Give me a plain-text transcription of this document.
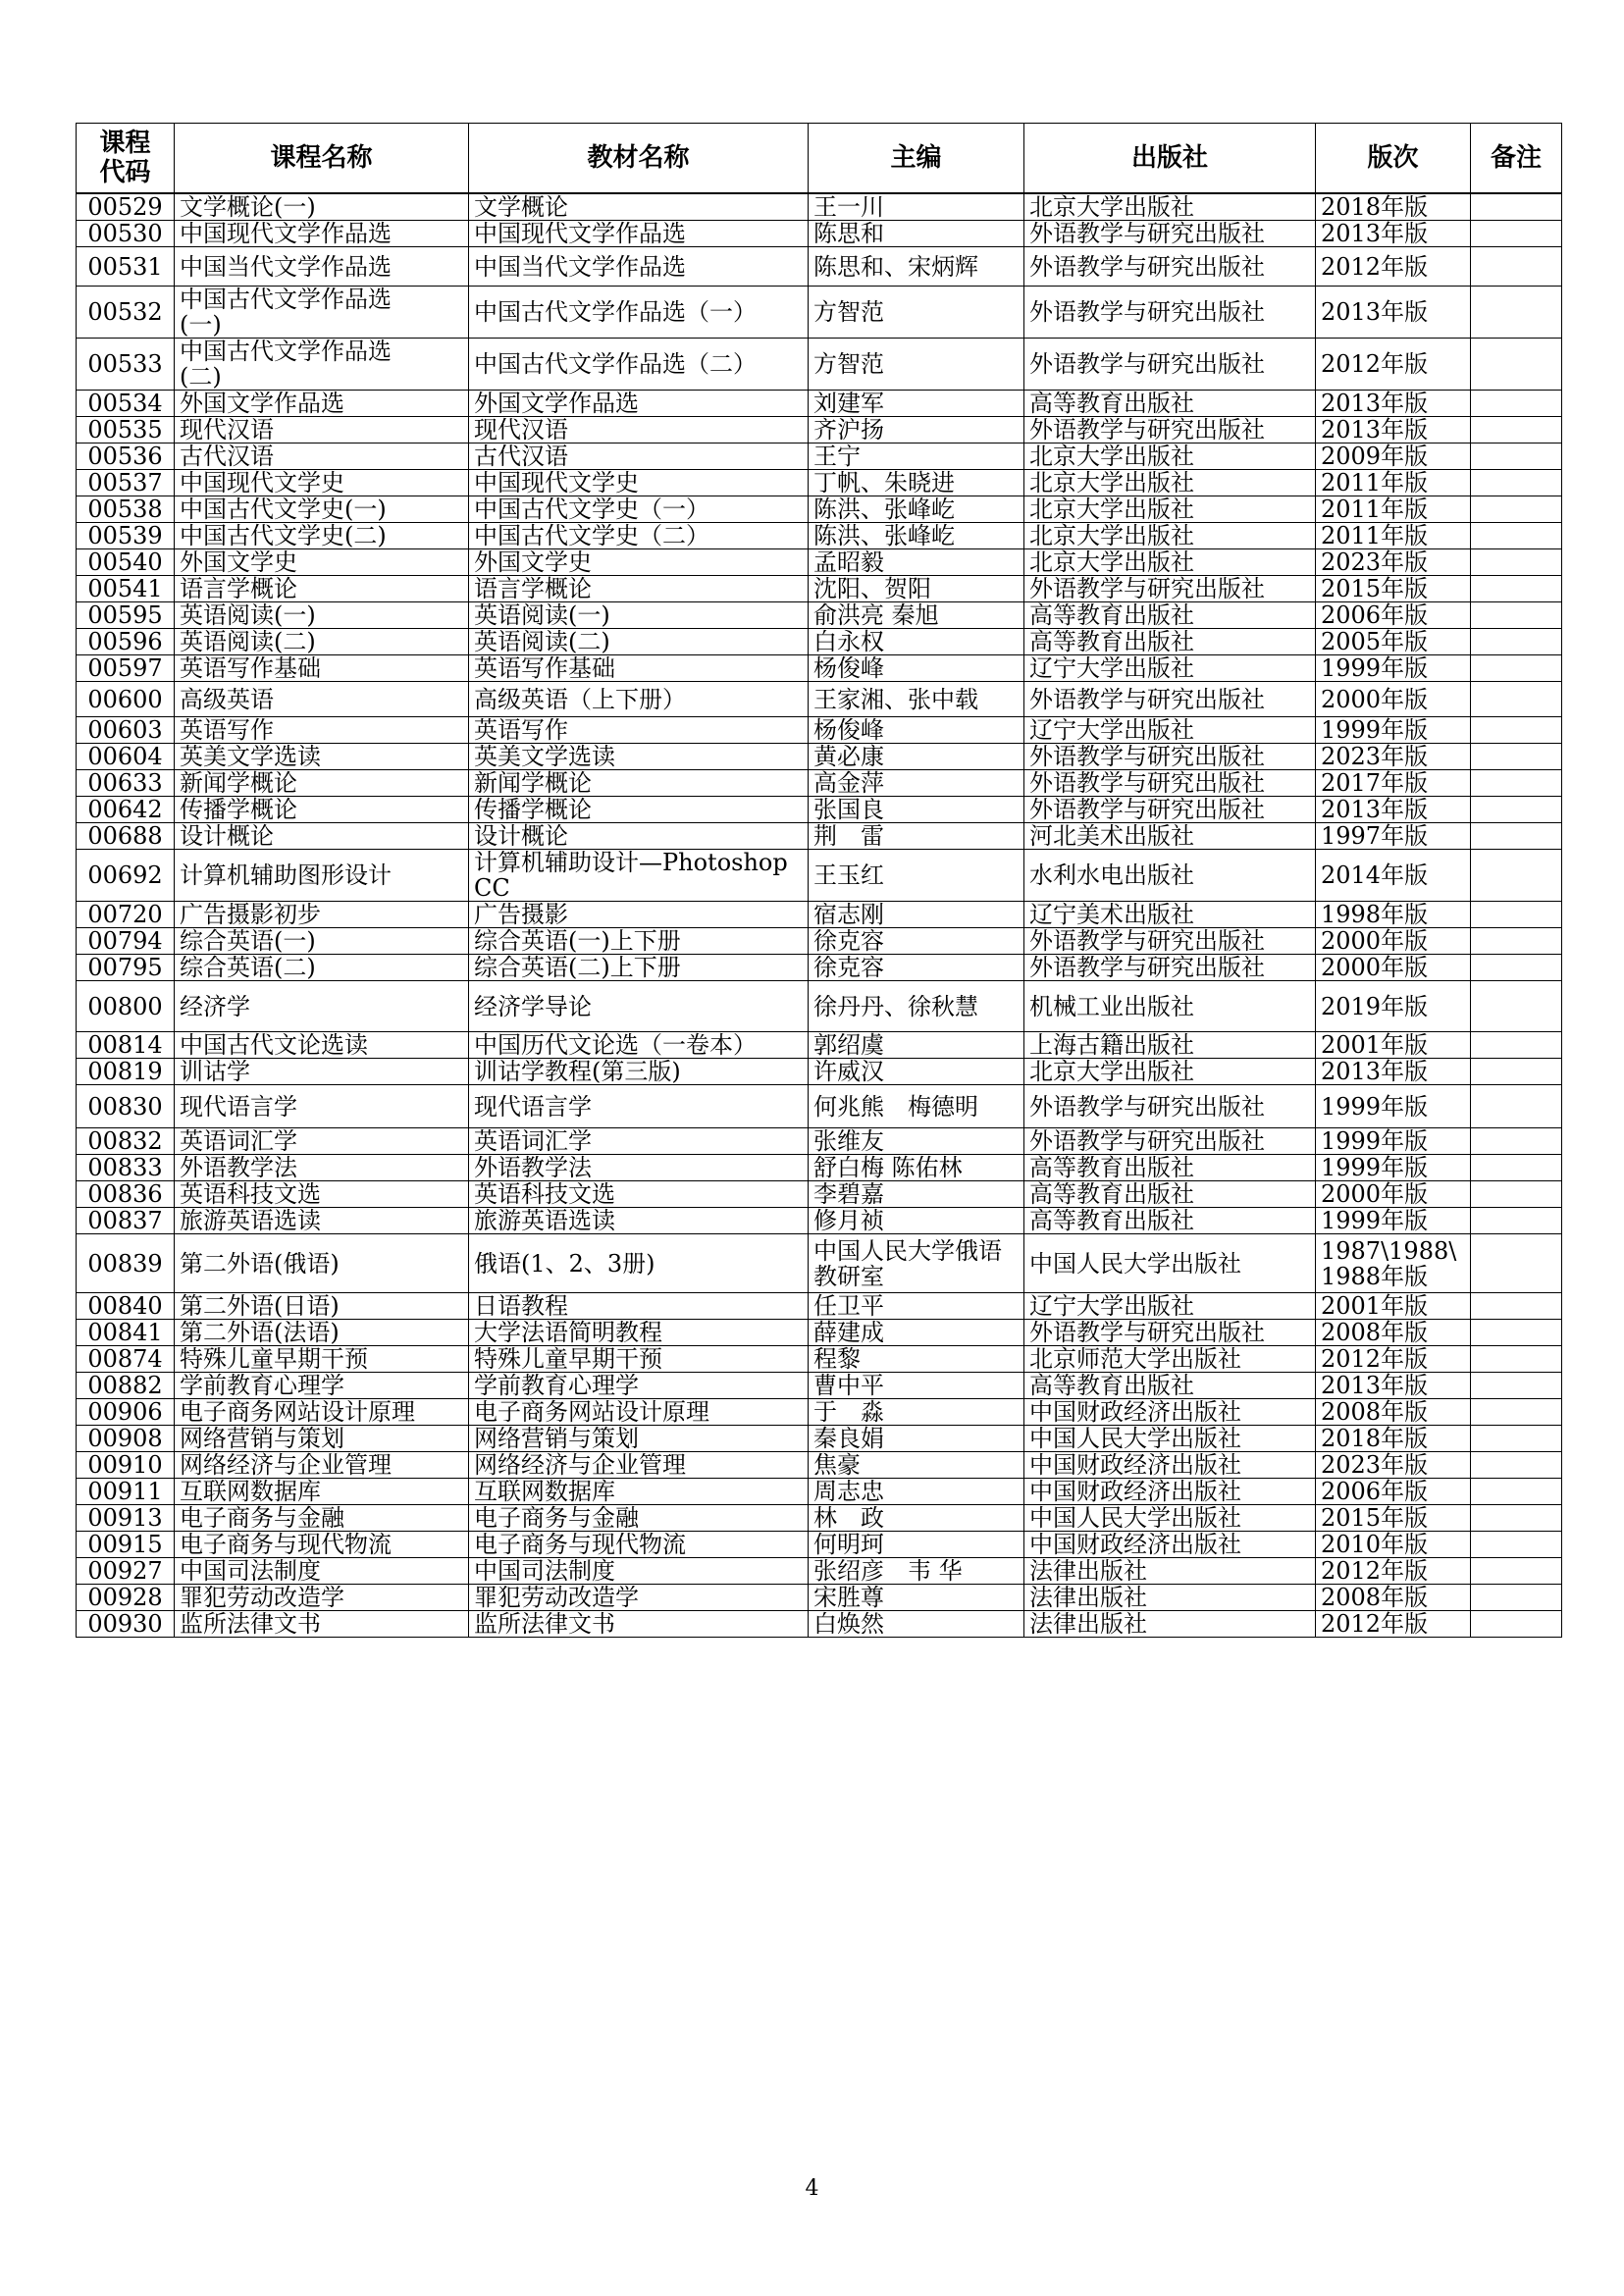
课程
代码	课程名称	教材名称	主编	出版社	版次	备注
00529	文学概论(一)	文学概论	王一川	北京大学出版社	2018年版	
00530	中国现代文学作品选	中国现代文学作品选	陈思和	外语教学与研究出版社	2013年版	
00531	中国当代文学作品选	中国当代文学作品选	陈思和、宋炳辉	外语教学与研究出版社	2012年版	
00532	中国古代文学作品选
(一)	中国古代文学作品选（一）	方智范	外语教学与研究出版社	2013年版	
00533	中国古代文学作品选
(二)	中国古代文学作品选（二）	方智范	外语教学与研究出版社	2012年版	
00534	外国文学作品选	外国文学作品选	刘建军	高等教育出版社	2013年版	
00535	现代汉语	现代汉语	齐沪扬	外语教学与研究出版社	2013年版	
00536	古代汉语	古代汉语	王宁	北京大学出版社	2009年版	
00537	中国现代文学史	中国现代文学史	丁帆、朱晓进	北京大学出版社	2011年版	
00538	中国古代文学史(一)	中国古代文学史（一）	陈洪、张峰屹	北京大学出版社	2011年版	
00539	中国古代文学史(二)	中国古代文学史（二）	陈洪、张峰屹	北京大学出版社	2011年版	
00540	外国文学史	外国文学史	孟昭毅	北京大学出版社	2023年版	
00541	语言学概论	语言学概论	沈阳、贺阳	外语教学与研究出版社	2015年版	
00595	英语阅读(一)	英语阅读(一)	俞洪亮 秦旭	高等教育出版社	2006年版	
00596	英语阅读(二)	英语阅读(二)	白永权	高等教育出版社	2005年版	
00597	英语写作基础	英语写作基础	杨俊峰	辽宁大学出版社	1999年版	
00600	高级英语	高级英语（上下册）	王家湘、张中载	外语教学与研究出版社	2000年版	
00603	英语写作	英语写作	杨俊峰	辽宁大学出版社	1999年版	
00604	英美文学选读	英美文学选读	黄必康	外语教学与研究出版社	2023年版	
00633	新闻学概论	新闻学概论	高金萍	外语教学与研究出版社	2017年版	
00642	传播学概论	传播学概论	张国良	外语教学与研究出版社	2013年版	
00688	设计概论	设计概论	荆　雷	河北美术出版社	1997年版	
00692	计算机辅助图形设计	计算机辅助设计—Photoshop CC	王玉红	水利水电出版社	2014年版	
00720	广告摄影初步	广告摄影	宿志刚	辽宁美术出版社	1998年版	
00794	综合英语(一)	综合英语(一)上下册	徐克容	外语教学与研究出版社	2000年版	
00795	综合英语(二)	综合英语(二)上下册	徐克容	外语教学与研究出版社	2000年版	
00800	经济学	经济学导论	徐丹丹、徐秋慧	机械工业出版社	2019年版	
00814	中国古代文论选读	中国历代文论选（一卷本）	郭绍虞	上海古籍出版社	2001年版	
00819	训诂学	训诂学教程(第三版)	许威汉	北京大学出版社	2013年版	
00830	现代语言学	现代语言学	何兆熊　梅德明	外语教学与研究出版社	1999年版	
00832	英语词汇学	英语词汇学	张维友	外语教学与研究出版社	1999年版	
00833	外语教学法	外语教学法	舒白梅 陈佑林	高等教育出版社	1999年版	
00836	英语科技文选	英语科技文选	李碧嘉	高等教育出版社	2000年版	
00837	旅游英语选读	旅游英语选读	修月祯	高等教育出版社	1999年版	
00839	第二外语(俄语)	俄语(1、2、3册)	中国人民大学俄语教研室	中国人民大学出版社	1987\1988\
1988年版	
00840	第二外语(日语)	日语教程	任卫平	辽宁大学出版社	2001年版	
00841	第二外语(法语)	大学法语简明教程	薛建成	外语教学与研究出版社	2008年版	
00874	特殊儿童早期干预	特殊儿童早期干预	程黎	北京师范大学出版社	2012年版	
00882	学前教育心理学	学前教育心理学	曹中平	高等教育出版社	2013年版	
00906	电子商务网站设计原理	电子商务网站设计原理	于　淼	中国财政经济出版社	2008年版	
00908	网络营销与策划	网络营销与策划	秦良娟	中国人民大学出版社	2018年版	
00910	网络经济与企业管理	网络经济与企业管理	焦豪	中国财政经济出版社	2023年版	
00911	互联网数据库	互联网数据库	周志忠	中国财政经济出版社	2006年版	
00913	电子商务与金融	电子商务与金融	林　政	中国人民大学出版社	2015年版	
00915	电子商务与现代物流	电子商务与现代物流	何明珂	中国财政经济出版社	2010年版	
00927	中国司法制度	中国司法制度	张绍彦　韦 华	法律出版社	2012年版	
00928	罪犯劳动改造学	罪犯劳动改造学	宋胜尊	法律出版社	2008年版	
00930	监所法律文书	监所法律文书	白焕然	法律出版社	2012年版	
4
